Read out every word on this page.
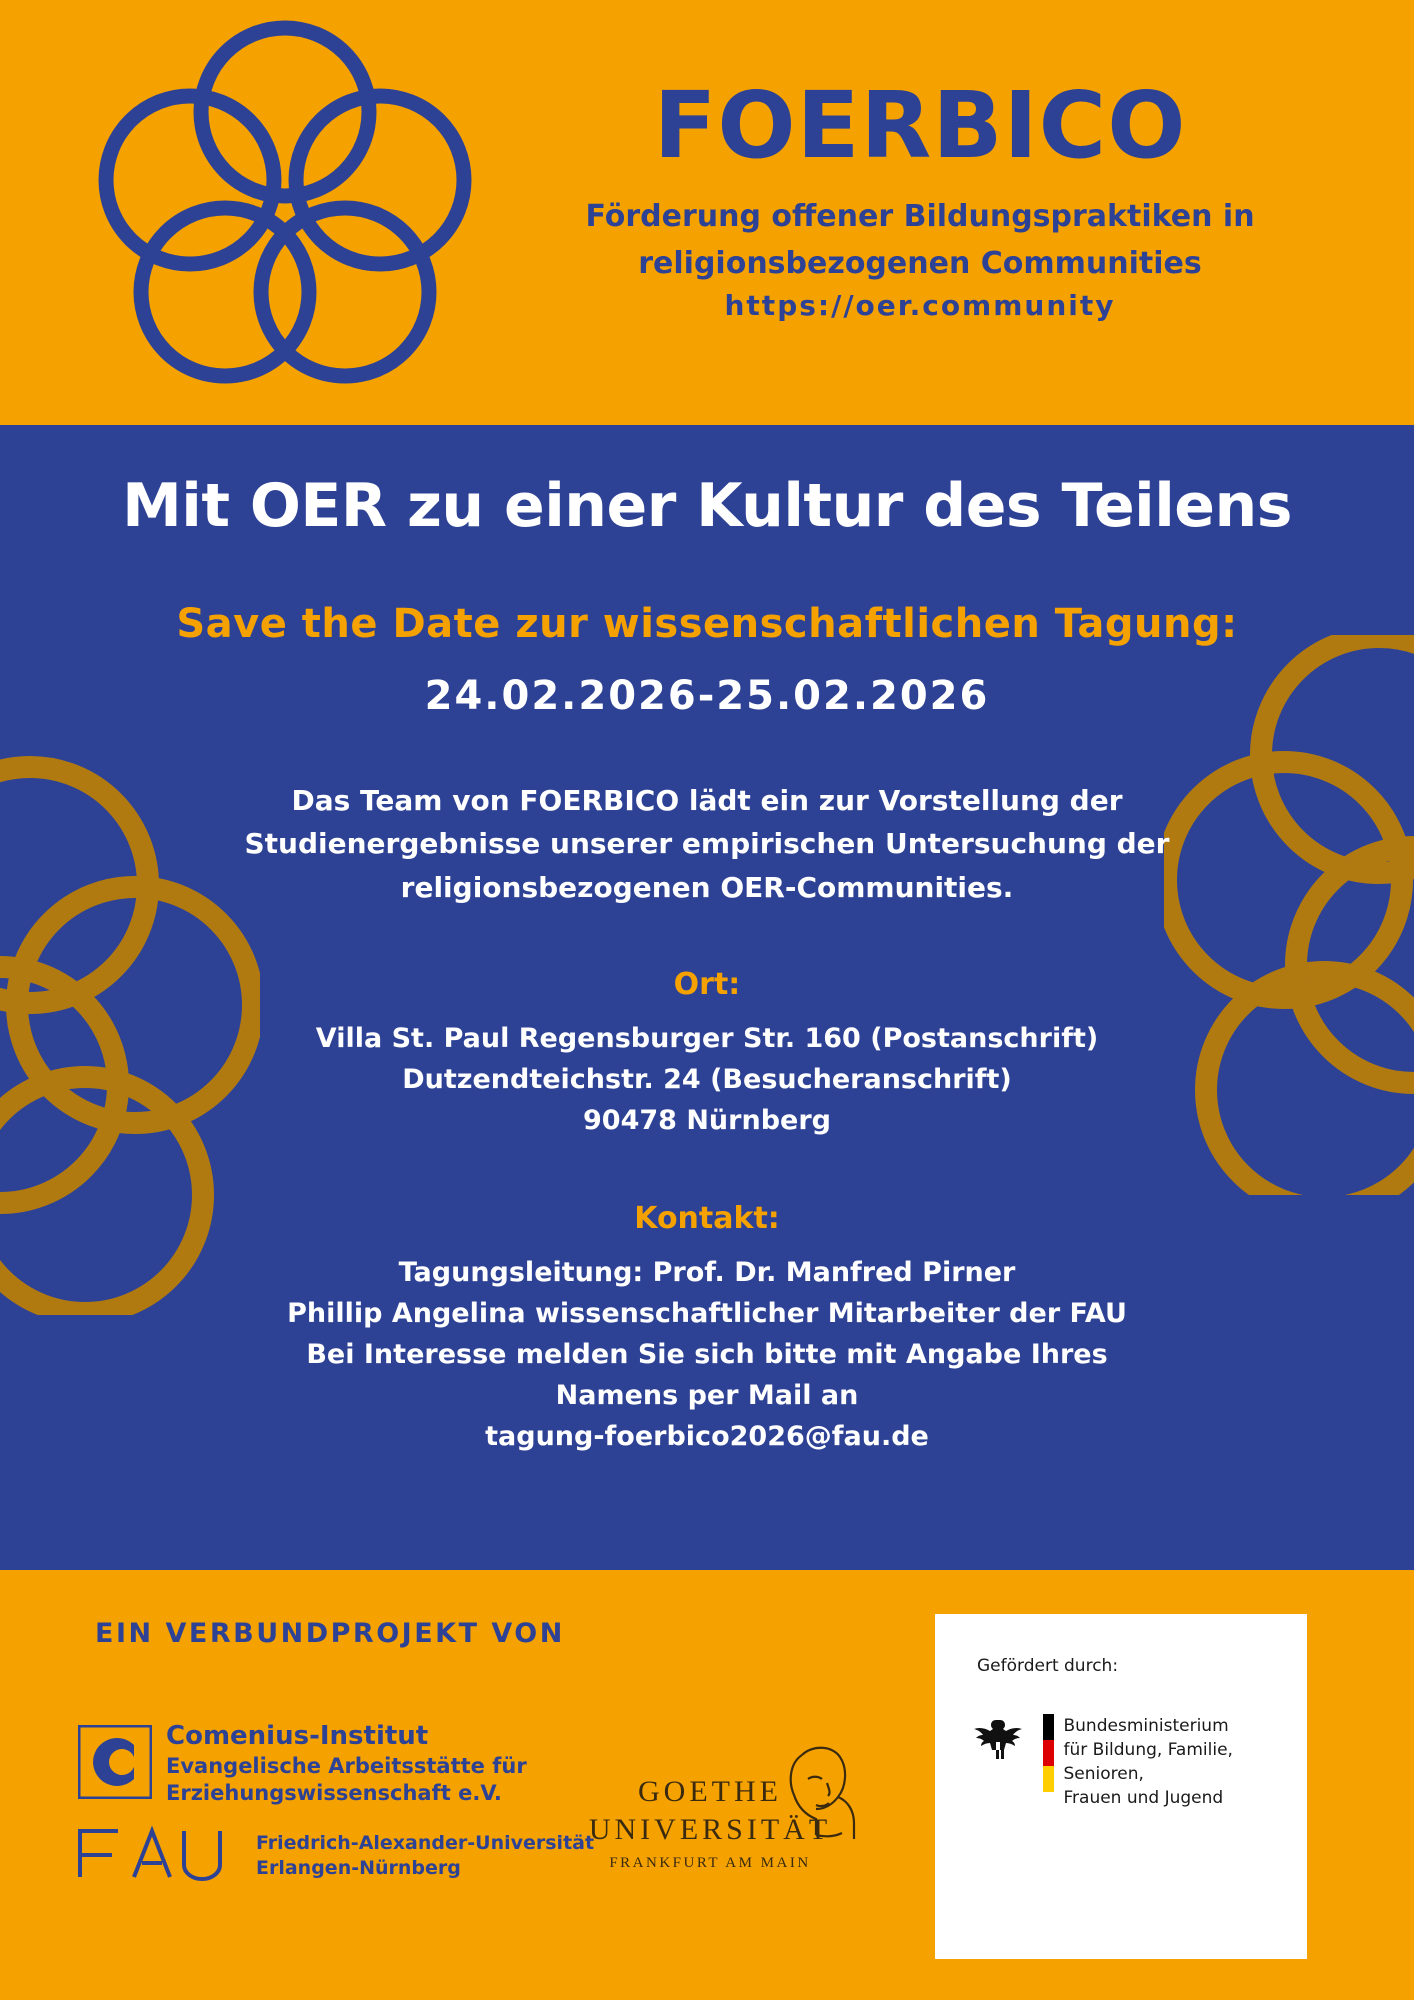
FOERBICO

Förderung offener Bildungspraktiken in

religionsbezogenen Communities

https://oer.community

Mit OER zu einer Kultur des Teilens

Save the Date zur wissenschaftlichen Tagung:

24.02.2026-25.02.2026

Das Team von FOERBICO lädt ein zur Vorstellung der
Studienergebnisse unserer empirischen Untersuchung der
religionsbezogenen OER-Communities.

Ort:

Villa St. Paul Regensburger Str. 160 (Postanschrift)

Dutzendteichstr. 24 (Besucheranschrift)

90478 Nürnberg

Kontakt:

Tagungsleitung: Prof. Dr. Manfred Pirner

Phillip Angelina wissenschaftlicher Mitarbeiter der FAU

Bei Interesse melden Sie sich bitte mit Angabe Ihres

Namens per Mail an

tagung-foerbico2026@fau.de

EIN VERBUNDPROJEKT VON
Comenius-Institut
Evangelische Arbeitsstätte für
Erziehungswissenschaft e.V.
Friedrich-Alexander-Universität
Erlangen-Nürnberg
GOETHE
UNIVERSITÄT
FRANKFURT AM MAIN
Gefördert durch:
Bundesministerium
für Bildung, Familie, Senioren,
Frauen und Jugend
